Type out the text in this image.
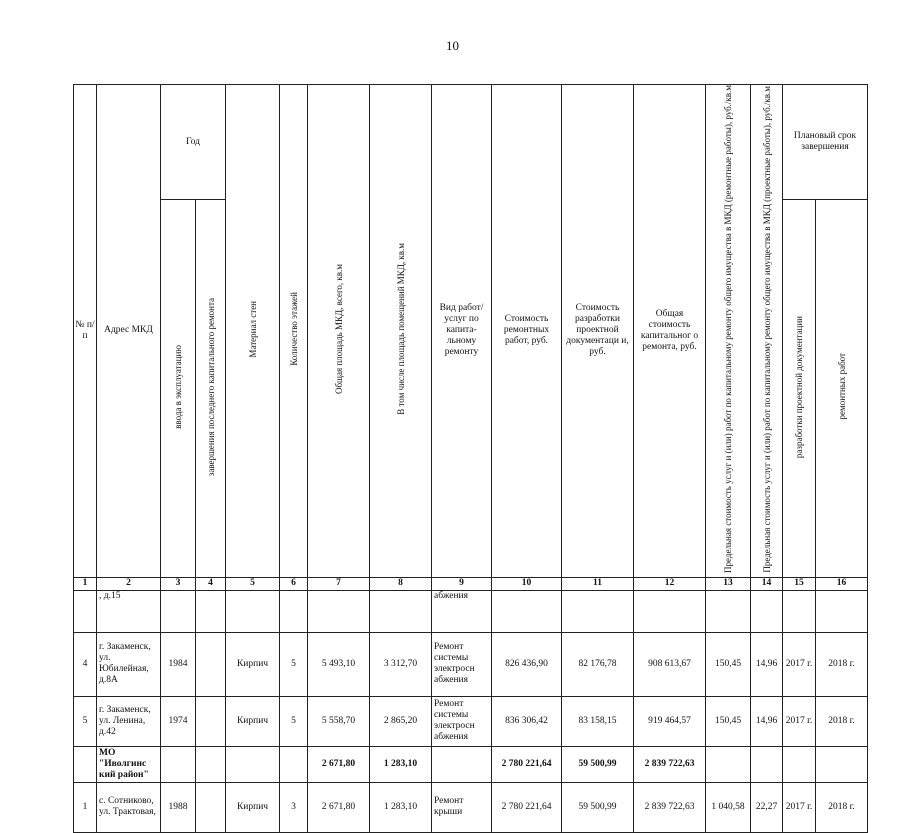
10
№ п/ п	Адрес МКД	Год		Материал стен	Количество этажей	Общая площадь МКД, всего, кв.м	В том числе площадь помещений МКД, кв.м	Вид работ/ услуг по капита-льному ремонту	Стоимость ремонтных работ, руб.	Стоимость разработки проектной документаци и, руб.	Общая стоимость капитальног о ремонта, руб.	Предельная стоимость услуг и (или) работ по капитальному ремонту общего имущества в МКД (ремонтные работы), руб./кв.м	Предельная стоимость услуг и (или) работ по капитальному ремонту общего имущества в МКД (проектные работы), руб./кв.м	Плановый срок завершения	
		ввода в эксплуатацию	завершения последнего капитального ремонта											разработки проектной документации	ремонтных работ
1	2	3	4	5	6	7	8	9	10	11	12	13	14	15	16
	, д.15							абжения							
4	г. Закаменск, ул. Юбилейная, д.8А	1984		Кирпич	5	5 493,10	3 312,70	Ремонт системы электросн абжения	826 436,90	82 176,78	908 613,67	150,45	14,96	2017 г.	2018 г.
5	г. Закаменск, ул. Ленина, д.42	1974		Кирпич	5	5 558,70	2 865,20	Ремонт системы электросн абжения	836 306,42	83 158,15	919 464,57	150,45	14,96	2017 г.	2018 г.
	МО "Иволгинс кий район"					2 671,80	1 283,10		2 780 221,64	59 500,99	2 839 722,63				
1	с. Сотниково, ул. Трактовая,	1988		Кирпич	3	2 671,80	1 283,10	Ремонт крыши	2 780 221,64	59 500,99	2 839 722,63	1 040,58	22,27	2017 г.	2018 г.
